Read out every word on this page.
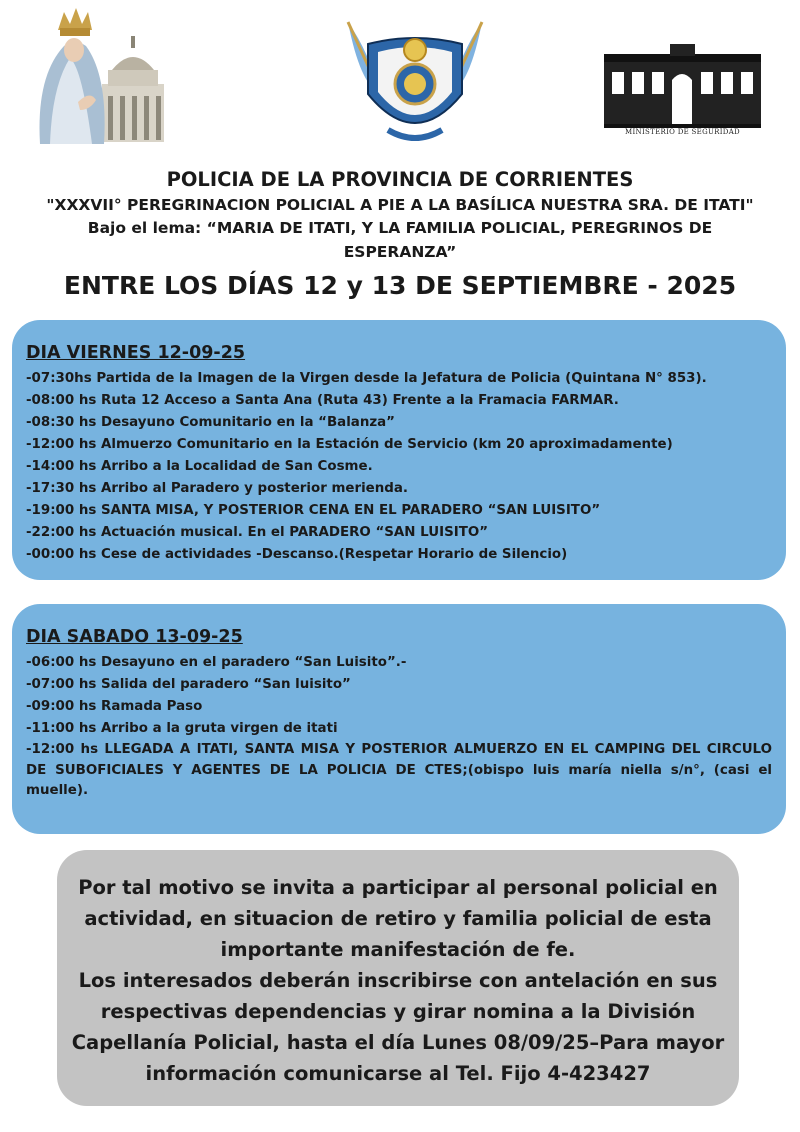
MINISTERIO DE SEGURIDAD

POLICIA DE LA PROVINCIA DE CORRIENTES

"XXXVII° PEREGRINACION POLICIAL A PIE A LA BASÍLICA NUESTRA SRA. DE ITATI"

Bajo el lema: “MARIA DE ITATI, Y LA FAMILIA POLICIAL, PEREGRINOS DE ESPERANZA”

ENTRE LOS DÍAS 12 y 13 DE SEPTIEMBRE - 2025

DIA VIERNES 12-09-25
-07:30hs Partida de la Imagen de la Virgen desde la Jefatura de Policia (Quintana N° 853).
-08:00 hs Ruta 12 Acceso a Santa Ana (Ruta 43) Frente a la Framacia FARMAR.
-08:30 hs Desayuno Comunitario en la “Balanza”
-12:00 hs Almuerzo Comunitario en la Estación de Servicio (km 20 aproximadamente)
-14:00 hs Arribo a la Localidad de San Cosme.
-17:30 hs Arribo al Paradero y posterior merienda.
-19:00 hs SANTA MISA, Y POSTERIOR CENA EN EL PARADERO “SAN LUISITO”
-22:00 hs Actuación musical. En el PARADERO “SAN LUISITO”
-00:00 hs Cese de actividades -Descanso.(Respetar Horario de Silencio)
DIA SABADO 13-09-25
-06:00 hs Desayuno en el paradero “San Luisito”.-
-07:00 hs Salida del paradero “San luisito”
-09:00 hs Ramada Paso
-11:00 hs Arribo a la gruta virgen de itati
-12:00 hs LLEGADA A ITATI, SANTA MISA Y POSTERIOR ALMUERZO EN EL CAMPING DEL CIRCULO DE SUBOFICIALES Y AGENTES DE LA POLICIA DE CTES;(obispo luis maría niella s/n°, (casi el muelle).

Por tal motivo se invita a participar al personal policial en

actividad, en situacion de retiro y familia policial de esta

importante manifestación de fe.

Los interesados deberán inscribirse con antelación en sus

respectivas dependencias y girar nomina a la División

Capellanía Policial, hasta el día Lunes 08/09/25–Para mayor

información comunicarse al Tel. Fijo 4-423427
